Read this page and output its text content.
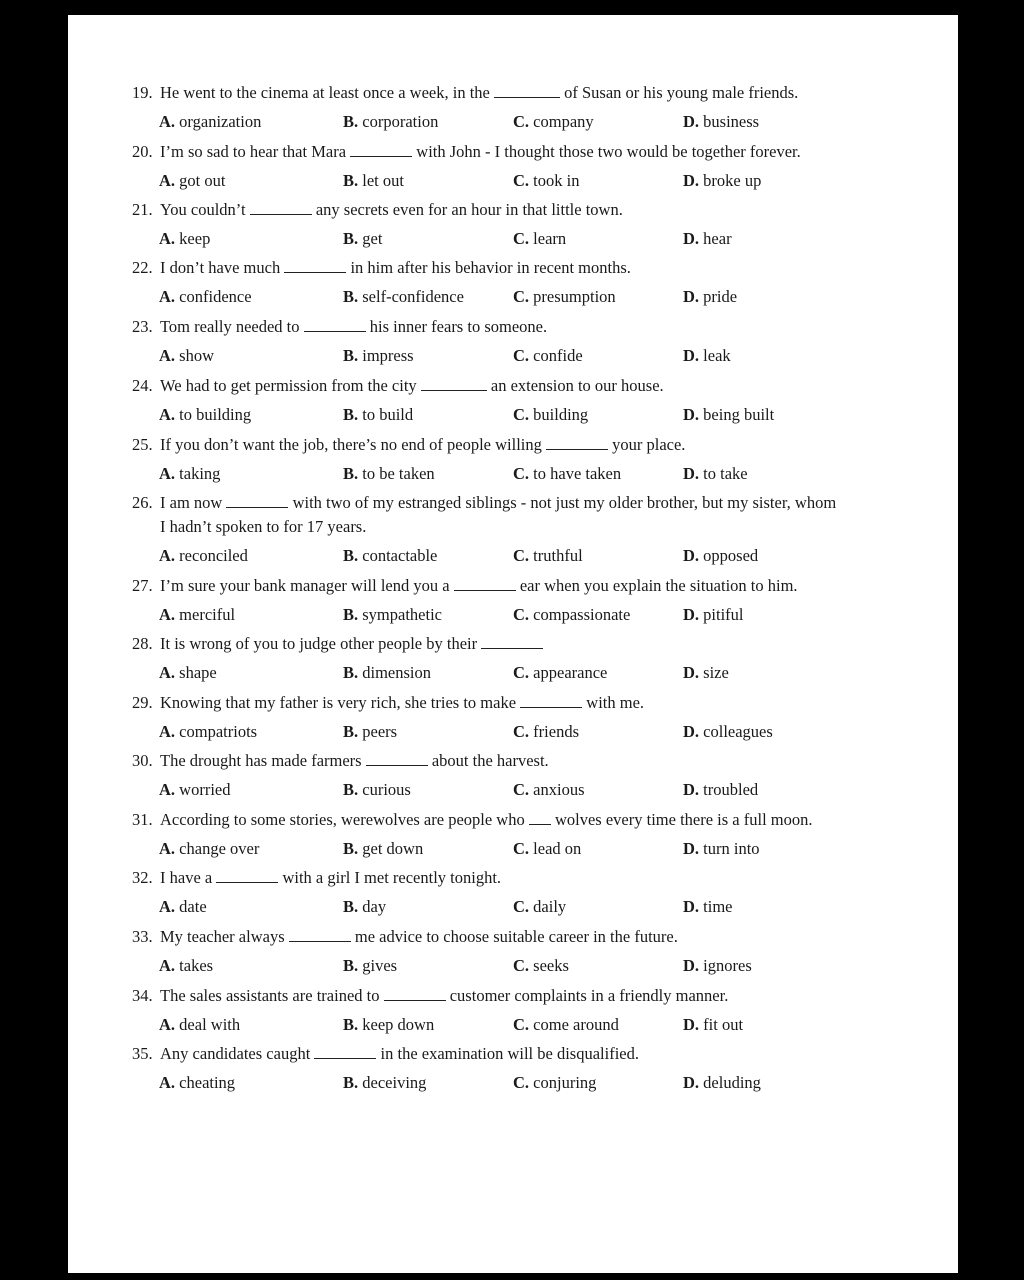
19. He went to the cinema at least once a week, in the	of Susan or his young male friends.
A. organization	B. corporation	C. company	D. business
20. I’m so sad to hear that Mara	with John - I thought those two would be together forever.
A. got out	B. let out	C. took in	D. broke up
21. You couldn’t	any secrets even for an hour in that little town.
A. keep	B. get	C. learn	D. hear
22. I don’t have much	in him after his behavior in recent months.
A. confidence	B. self-confidence	C. presumption	D. pride
23. Tom really needed to	his inner fears to someone.
A. show	B. impress	C. confide	D. leak
24. We had to get permission from the city	an extension to our house.
A. to building	B. to build	C. building	D. being built
25. If you don’t want the job, there’s no end of people willing	your place.
A. taking	B. to be taken	C. to have taken	D. to take
26. I am now	with two of my estranged siblings - not just my older brother, but my sister, whom
I hadn’t spoken to for 17 years.
A. reconciled	B. contactable	C. truthful	D. opposed
27. I’m sure your bank manager will lend you a	ear when you explain the situation to him.
A. merciful	B. sympathetic	C. compassionate	D. pitiful
28. It is wrong of you to judge other people by their
A. shape	B. dimension	C. appearance	D. size
29. Knowing that my father is very rich, she tries to make	with me.
A. compatriots	B. peers	C. friends	D. colleagues
30. The drought has made farmers	about the harvest.
A. worried	B. curious	C. anxious	D. troubled
31. According to some stories, werewolves are people who wolves every time there is a full moon.
A. change over	B. get down	C. lead on	D. turn into
32. I have a	with a girl I met recently tonight.
A. date	B. day	C. daily	D. time
33. My teacher always	me advice to choose suitable career in the future.
A. takes	B. gives	C. seeks	D. ignores
34. The sales assistants are trained to	customer complaints in a friendly manner.
A. deal with	B. keep down	C. come around	D. fit out
35. Any candidates caught	in the examination will be disqualified.
A. cheating	B. deceiving	C. conjuring	D. deluding
